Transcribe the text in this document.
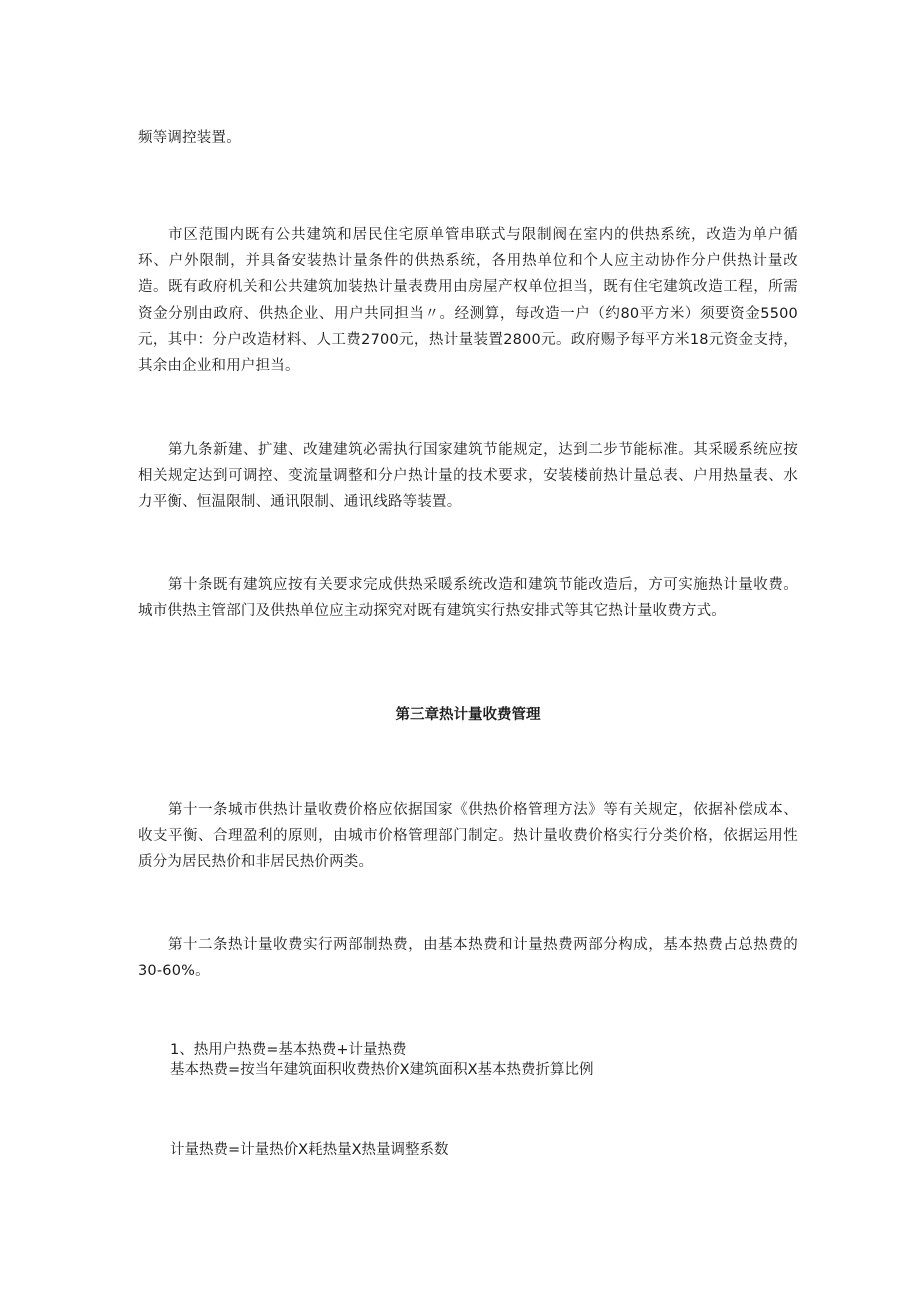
频等调控装置。

市区范围内既有公共建筑和居民住宅原单管串联式与限制阀在室内的供热系统，改造为单户循环、户外限制，并具备安装热计量条件的供热系统，各用热单位和个人应主动协作分户供热计量改造。既有政府机关和公共建筑加装热计量表费用由房屋产权单位担当，既有住宅建筑改造工程，所需资金分别由政府、供热企业、用户共同担当〃。经测算，每改造一户（约80平方米）须要资金5500元，其中：分户改造材料、人工费2700元，热计量装置2800元。政府赐予每平方米18元资金支持，其余由企业和用户担当。

第九条新建、扩建、改建建筑必需执行国家建筑节能规定，达到二步节能标准。其采暖系统应按相关规定达到可调控、变流量调整和分户热计量的技术要求，安装楼前热计量总表、户用热量表、水力平衡、恒温限制、通讯限制、通讯线路等装置。

第十条既有建筑应按有关要求完成供热采暖系统改造和建筑节能改造后，方可实施热计量收费。城市供热主管部门及供热单位应主动探究对既有建筑实行热安排式等其它热计量收费方式。

第三章热计量收费管理

第十一条城市供热计量收费价格应依据国家《供热价格管理方法》等有关规定，依据补偿成本、收支平衡、合理盈利的原则，由城市价格管理部门制定。热计量收费价格实行分类价格，依据运用性质分为居民热价和非居民热价两类。

第十二条热计量收费实行两部制热费，由基本热费和计量热费两部分构成，基本热费占总热费的30-60%。

1、热用户热费=基本热费+计量热费

基本热费=按当年建筑面积收费热价X建筑面积X基本热费折算比例

计量热费=计量热价X耗热量X热量调整系数
